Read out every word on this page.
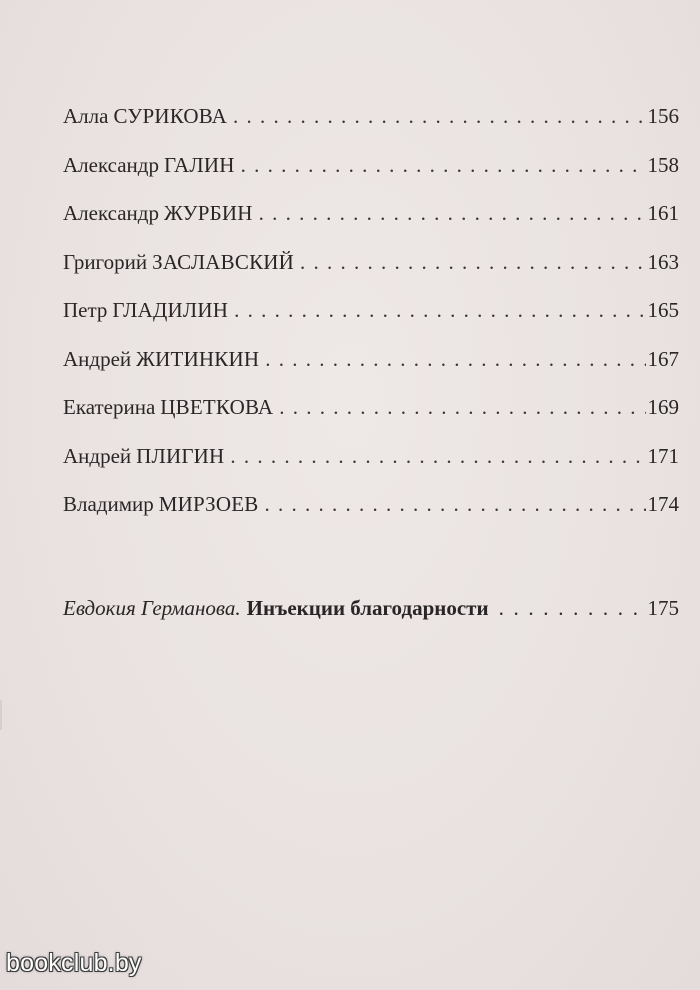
Алла СУРИКОВА . . .	156
Александр ГАЛИН . . .	158
Александр ЖУРБИН . . .	161
Григорий ЗАСЛАВСКИЙ . . .	163
Петр ГЛАДИЛИН . . .	165
Андрей ЖИТИНКИН . . .	167
Екатерина ЦВЕТКОВА . . .	169
Андрей ПЛИГИН . . .	171
Владимир МИРЗОЕВ . . .	174
Евдокия Германова. Инъекции благодарности . . .	175
bookclub.by
